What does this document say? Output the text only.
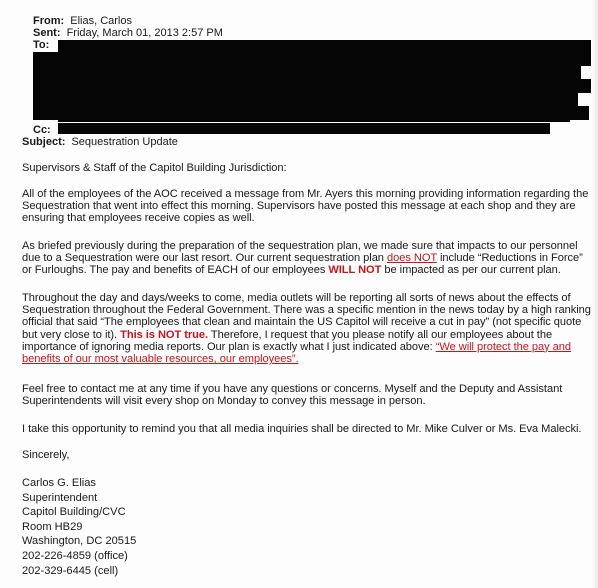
From: Elias, Carlos
Sent: Friday, March 01, 2013 2:57 PM
To:
Cc:
Subject: Sequestration Update
Supervisors & Staff of the Capitol Building Jurisdiction:
All of the employees of the AOC received a message from Mr. Ayers this morning providing information regarding the Sequestration that went into effect this morning. Supervisors have posted this message at each shop and they are ensuring that employees receive copies as well.
As briefed previously during the preparation of the sequestration plan, we made sure that impacts to our personnel due to a Sequestration were our last resort. Our current sequestration plan does NOT include “Reductions in Force” or Furloughs. The pay and benefits of EACH of our employees WILL NOT be impacted as per our current plan.
Throughout the day and days/weeks to come, media outlets will be reporting all sorts of news about the effects of Sequestration throughout the Federal Government. There was a specific mention in the news today by a high ranking official that said “The employees that clean and maintain the US Capitol will receive a cut in pay” (not specific quote but very close to it). This is NOT true. Therefore, I request that you please notify all our employees about the importance of ignoring media reports. Our plan is exactly what I just indicated above: “We will protect the pay and benefits of our most valuable resources, our employees”.
Feel free to contact me at any time if you have any questions or concerns. Myself and the Deputy and Assistant Superintendents will visit every shop on Monday to convey this message in person.
I take this opportunity to remind you that all media inquiries shall be directed to Mr. Mike Culver or Ms. Eva Malecki.
Sincerely,
Carlos G. Elias
Superintendent
Capitol Building/CVC
Room HB29
Washington, DC 20515
202-226-4859 (office)
202-329-6445 (cell)
